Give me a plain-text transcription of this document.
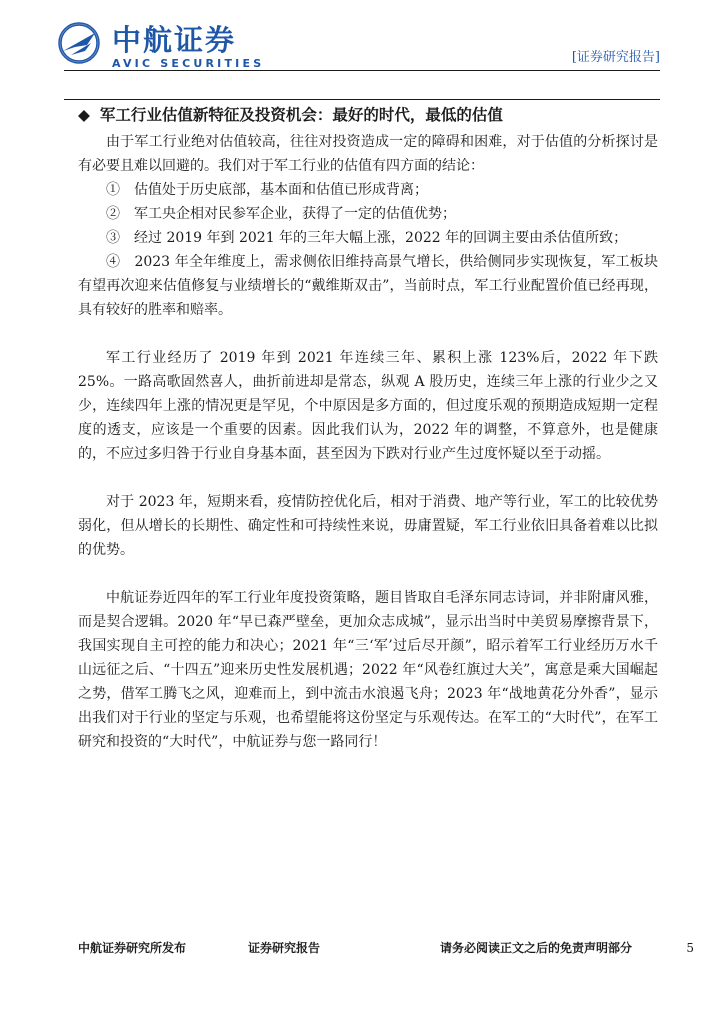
中航证券
AVIC SECURITIES	[证券研究报告]
◆ 军工行业估值新特征及投资机会：最好的时代，最低的估值

由于军工行业绝对估值较高，往往对投资造成一定的障碍和困难，对于估值的分析探讨是有必要且难以回避的。我们对于军工行业的估值有四方面的结论：

①　估值处于历史底部，基本面和估值已形成背离；

②　军工央企相对民参军企业，获得了一定的估值优势；

③　经过 2019 年到 2021 年的三年大幅上涨，2022 年的回调主要由杀估值所致；

④　2023 年全年维度上，需求侧依旧维持高景气增长，供给侧同步实现恢复，军工板块有望再次迎来估值修复与业绩增长的“戴维斯双击”，当前时点，军工行业配置价值已经再现，具有较好的胜率和赔率。

军工行业经历了 2019 年到 2021 年连续三年、累积上涨 123%后，2022 年下跌 25%。一路高歌固然喜人，曲折前进却是常态，纵观 A 股历史，连续三年上涨的行业少之又少，连续四年上涨的情况更是罕见，个中原因是多方面的，但过度乐观的预期造成短期一定程度的透支，应该是一个重要的因素。因此我们认为，2022 年的调整，不算意外，也是健康的，不应过多归咎于行业自身基本面，甚至因为下跌对行业产生过度怀疑以至于动摇。

对于 2023 年，短期来看，疫情防控优化后，相对于消费、地产等行业，军工的比较优势弱化，但从增长的长期性、确定性和可持续性来说，毋庸置疑，军工行业依旧具备着难以比拟的优势。

中航证券近四年的军工行业年度投资策略，题目皆取自毛泽东同志诗词，并非附庸风雅，而是契合逻辑。2020 年“早已森严壁垒，更加众志成城”，显示出当时中美贸易摩擦背景下，我国实现自主可控的能力和决心；2021 年“三‘军’过后尽开颜”，昭示着军工行业经历万水千山远征之后、“十四五”迎来历史性发展机遇；2022 年“风卷红旗过大关”，寓意是乘大国崛起之势，借军工腾飞之风，迎难而上，到中流击水浪遏飞舟；2023 年“战地黄花分外香”，显示出我们对于行业的坚定与乐观，也希望能将这份坚定与乐观传达。在军工的“大时代”，在军工研究和投资的“大时代”，中航证券与您一路同行！

中航证券研究所发布	证券研究报告	请务必阅读正文之后的免责声明部分	5
